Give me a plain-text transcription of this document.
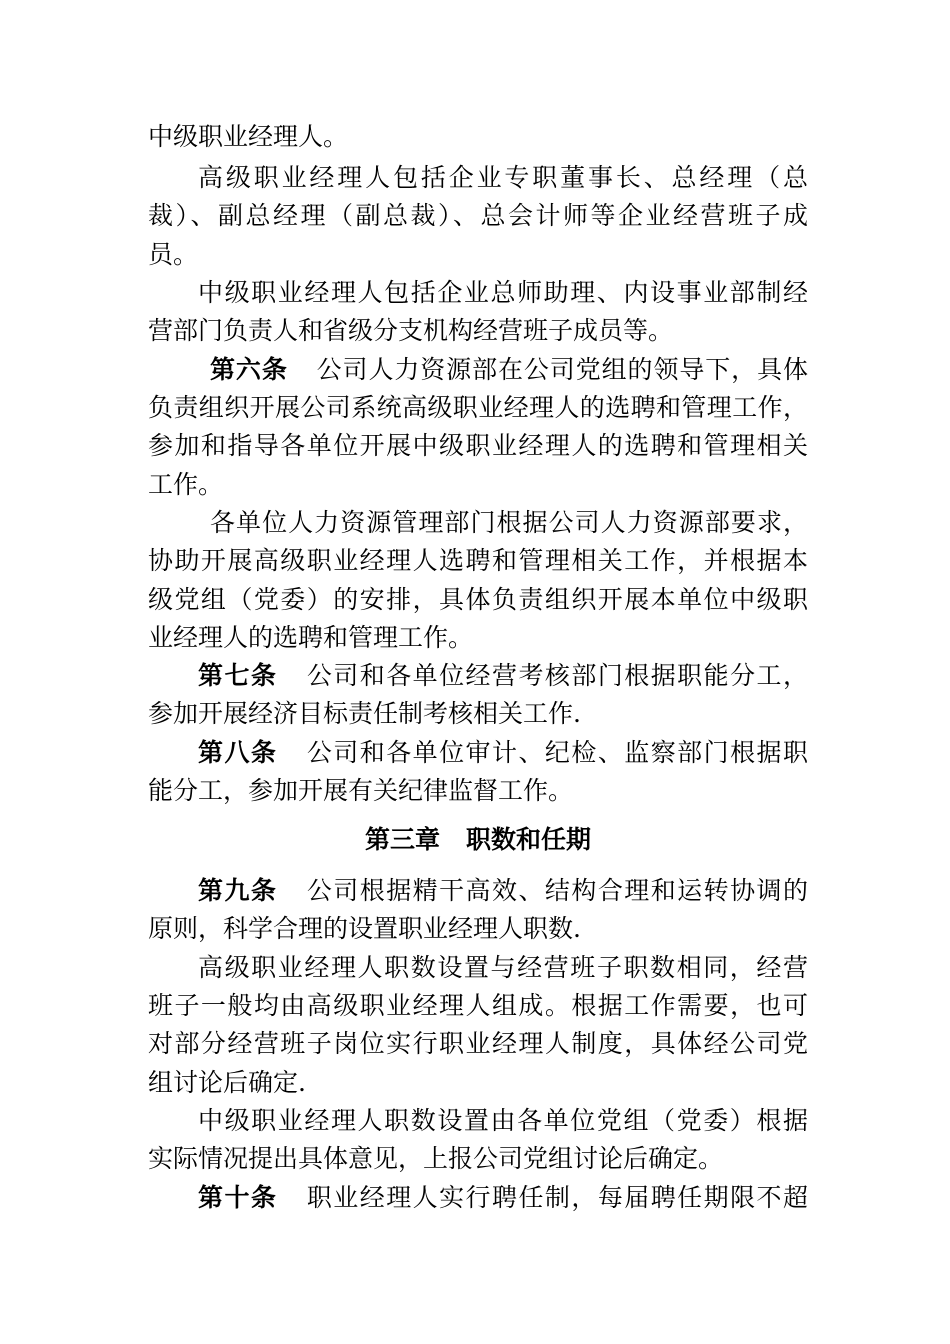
中级职业经理人。
高级职业经理人包括企业专职董事长、总经理（总
裁）、副总经理（副总裁）、总会计师等企业经营班子成
员。
中级职业经理人包括企业总师助理、内设事业部制经
营部门负责人和省级分支机构经营班子成员等。
第六条 公司人力资源部在公司党组的领导下，具体
负责组织开展公司系统高级职业经理人的选聘和管理工作，
参加和指导各单位开展中级职业经理人的选聘和管理相关
工作。
各单位人力资源管理部门根据公司人力资源部要求，
协助开展高级职业经理人选聘和管理相关工作，并根据本
级党组（党委）的安排，具体负责组织开展本单位中级职
业经理人的选聘和管理工作。
第七条 公司和各单位经营考核部门根据职能分工，
参加开展经济目标责任制考核相关工作.
第八条 公司和各单位审计、纪检、监察部门根据职
能分工，参加开展有关纪律监督工作。
第三章 职数和任期
第九条 公司根据精干高效、结构合理和运转协调的
原则，科学合理的设置职业经理人职数.
高级职业经理人职数设置与经营班子职数相同，经营
班子一般均由高级职业经理人组成。根据工作需要，也可
对部分经营班子岗位实行职业经理人制度，具体经公司党
组讨论后确定.
中级职业经理人职数设置由各单位党组（党委）根据
实际情况提出具体意见，上报公司党组讨论后确定。
第十条 职业经理人实行聘任制，每届聘任期限不超
